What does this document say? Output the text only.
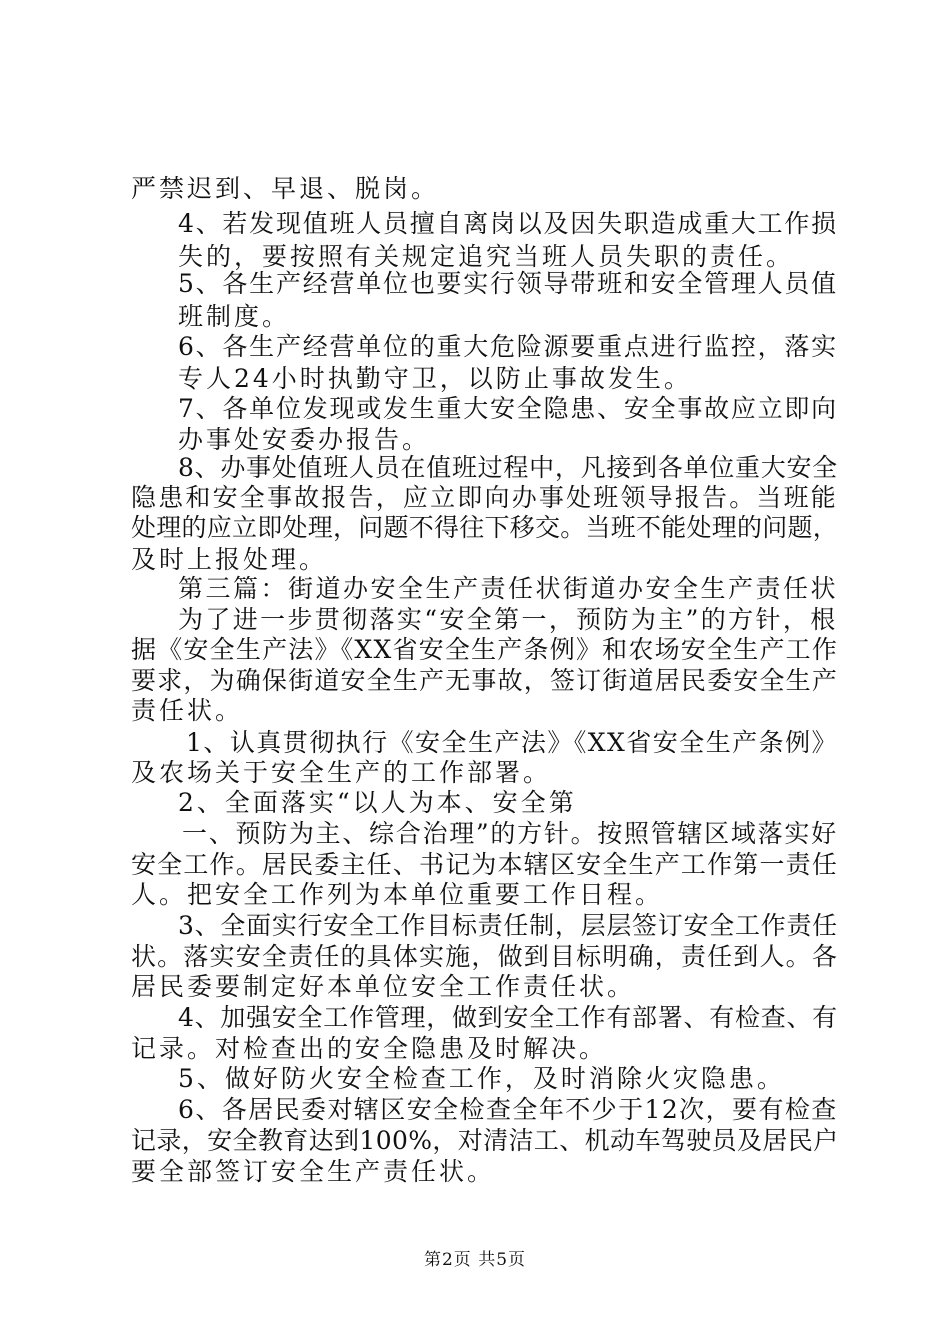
严禁迟到、早退、脱岗。
4、若发现值班人员擅自离岗以及因失职造成重大工作损
失的，要按照有关规定追究当班人员失职的责任。
5、各生产经营单位也要实行领导带班和安全管理人员值
班制度。
6、各生产经营单位的重大危险源要重点进行监控，落实
专人24小时执勤守卫，以防止事故发生。
7、各单位发现或发生重大安全隐患、安全事故应立即向
办事处安委办报告。
8、办事处值班人员在值班过程中，凡接到各单位重大安全
隐患和安全事故报告，应立即向办事处班领导报告。当班能
处理的应立即处理，问题不得往下移交。当班不能处理的问题，
及时上报处理。
第三篇：街道办安全生产责任状街道办安全生产责任状
为了进一步贯彻落实“安全第一，预防为主”的方针，根
据《安全生产法》《XX省安全生产条例》和农场安全生产工作
要求，为确保街道安全生产无事故，签订街道居民委安全生产
责任状。
1、认真贯彻执行《安全生产法》《XX省安全生产条例》
及农场关于安全生产的工作部署。
2、全面落实“以人为本、安全第
一、预防为主、综合治理”的方针。按照管辖区域落实好
安全工作。居民委主任、书记为本辖区安全生产工作第一责任
人。把安全工作列为本单位重要工作日程。
3、全面实行安全工作目标责任制，层层签订安全工作责任
状。落实安全责任的具体实施，做到目标明确，责任到人。各
居民委要制定好本单位安全工作责任状。
4、加强安全工作管理，做到安全工作有部署、有检查、有
记录。对检查出的安全隐患及时解决。
5、做好防火安全检查工作，及时消除火灾隐患。
6、各居民委对辖区安全检查全年不少于12次，要有检查
记录，安全教育达到100%，对清洁工、机动车驾驶员及居民户
要全部签订安全生产责任状。
第2页 共5页
